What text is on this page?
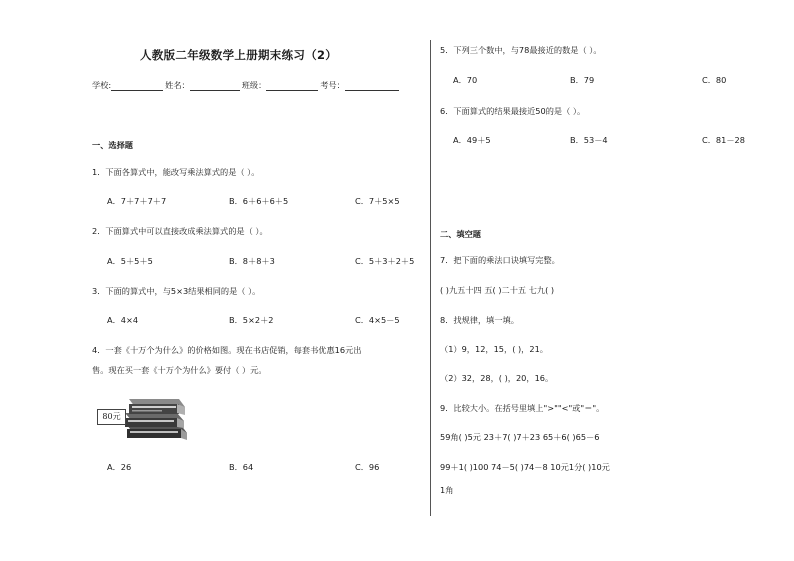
人教版二年级数学上册期末练习（2）
学校:	姓名：	班级：	考号：
一、选择题
1．下面各算式中，能改写乘法算式的是（ ）。
A．7＋7＋7＋7	B．6＋6＋6＋5	C．7＋5×5
2．下面算式中可以直接改成乘法算式的是（ ）。
A．5＋5＋5	B．8＋8＋3	C．5＋3＋2＋5
3．下面的算式中，与5×3结果相同的是（ ）。
A．4×4	B．5×2＋2	C．4×5－5
4．一套《十万个为什么》的价格如图。现在书店促销，每套书优惠16元出
售。现在买一套《十万个为什么》要付（ ）元。
80元
A．26	B．64	C．96
5．下列三个数中，与78最接近的数是（ ）。
A．70	B．79	C．80
6．下面算式的结果最接近50的是（ ）。
A．49＋5	B．53－4	C．81－28
二、填空题
7．把下面的乘法口诀填写完整。
( )九五十四 五( )二十五 七九( )
8．找规律，填一填。
（1）9，12，15，( )，21。
（2）32，28，( )，20，16。
9．比较大小。在括号里填上">""<"或"＝"。
59角( )5元 23＋7( )7＋23 65＋6( )65－6
99＋1( )100 74－5( )74－8 10元1分( )10元
1角
